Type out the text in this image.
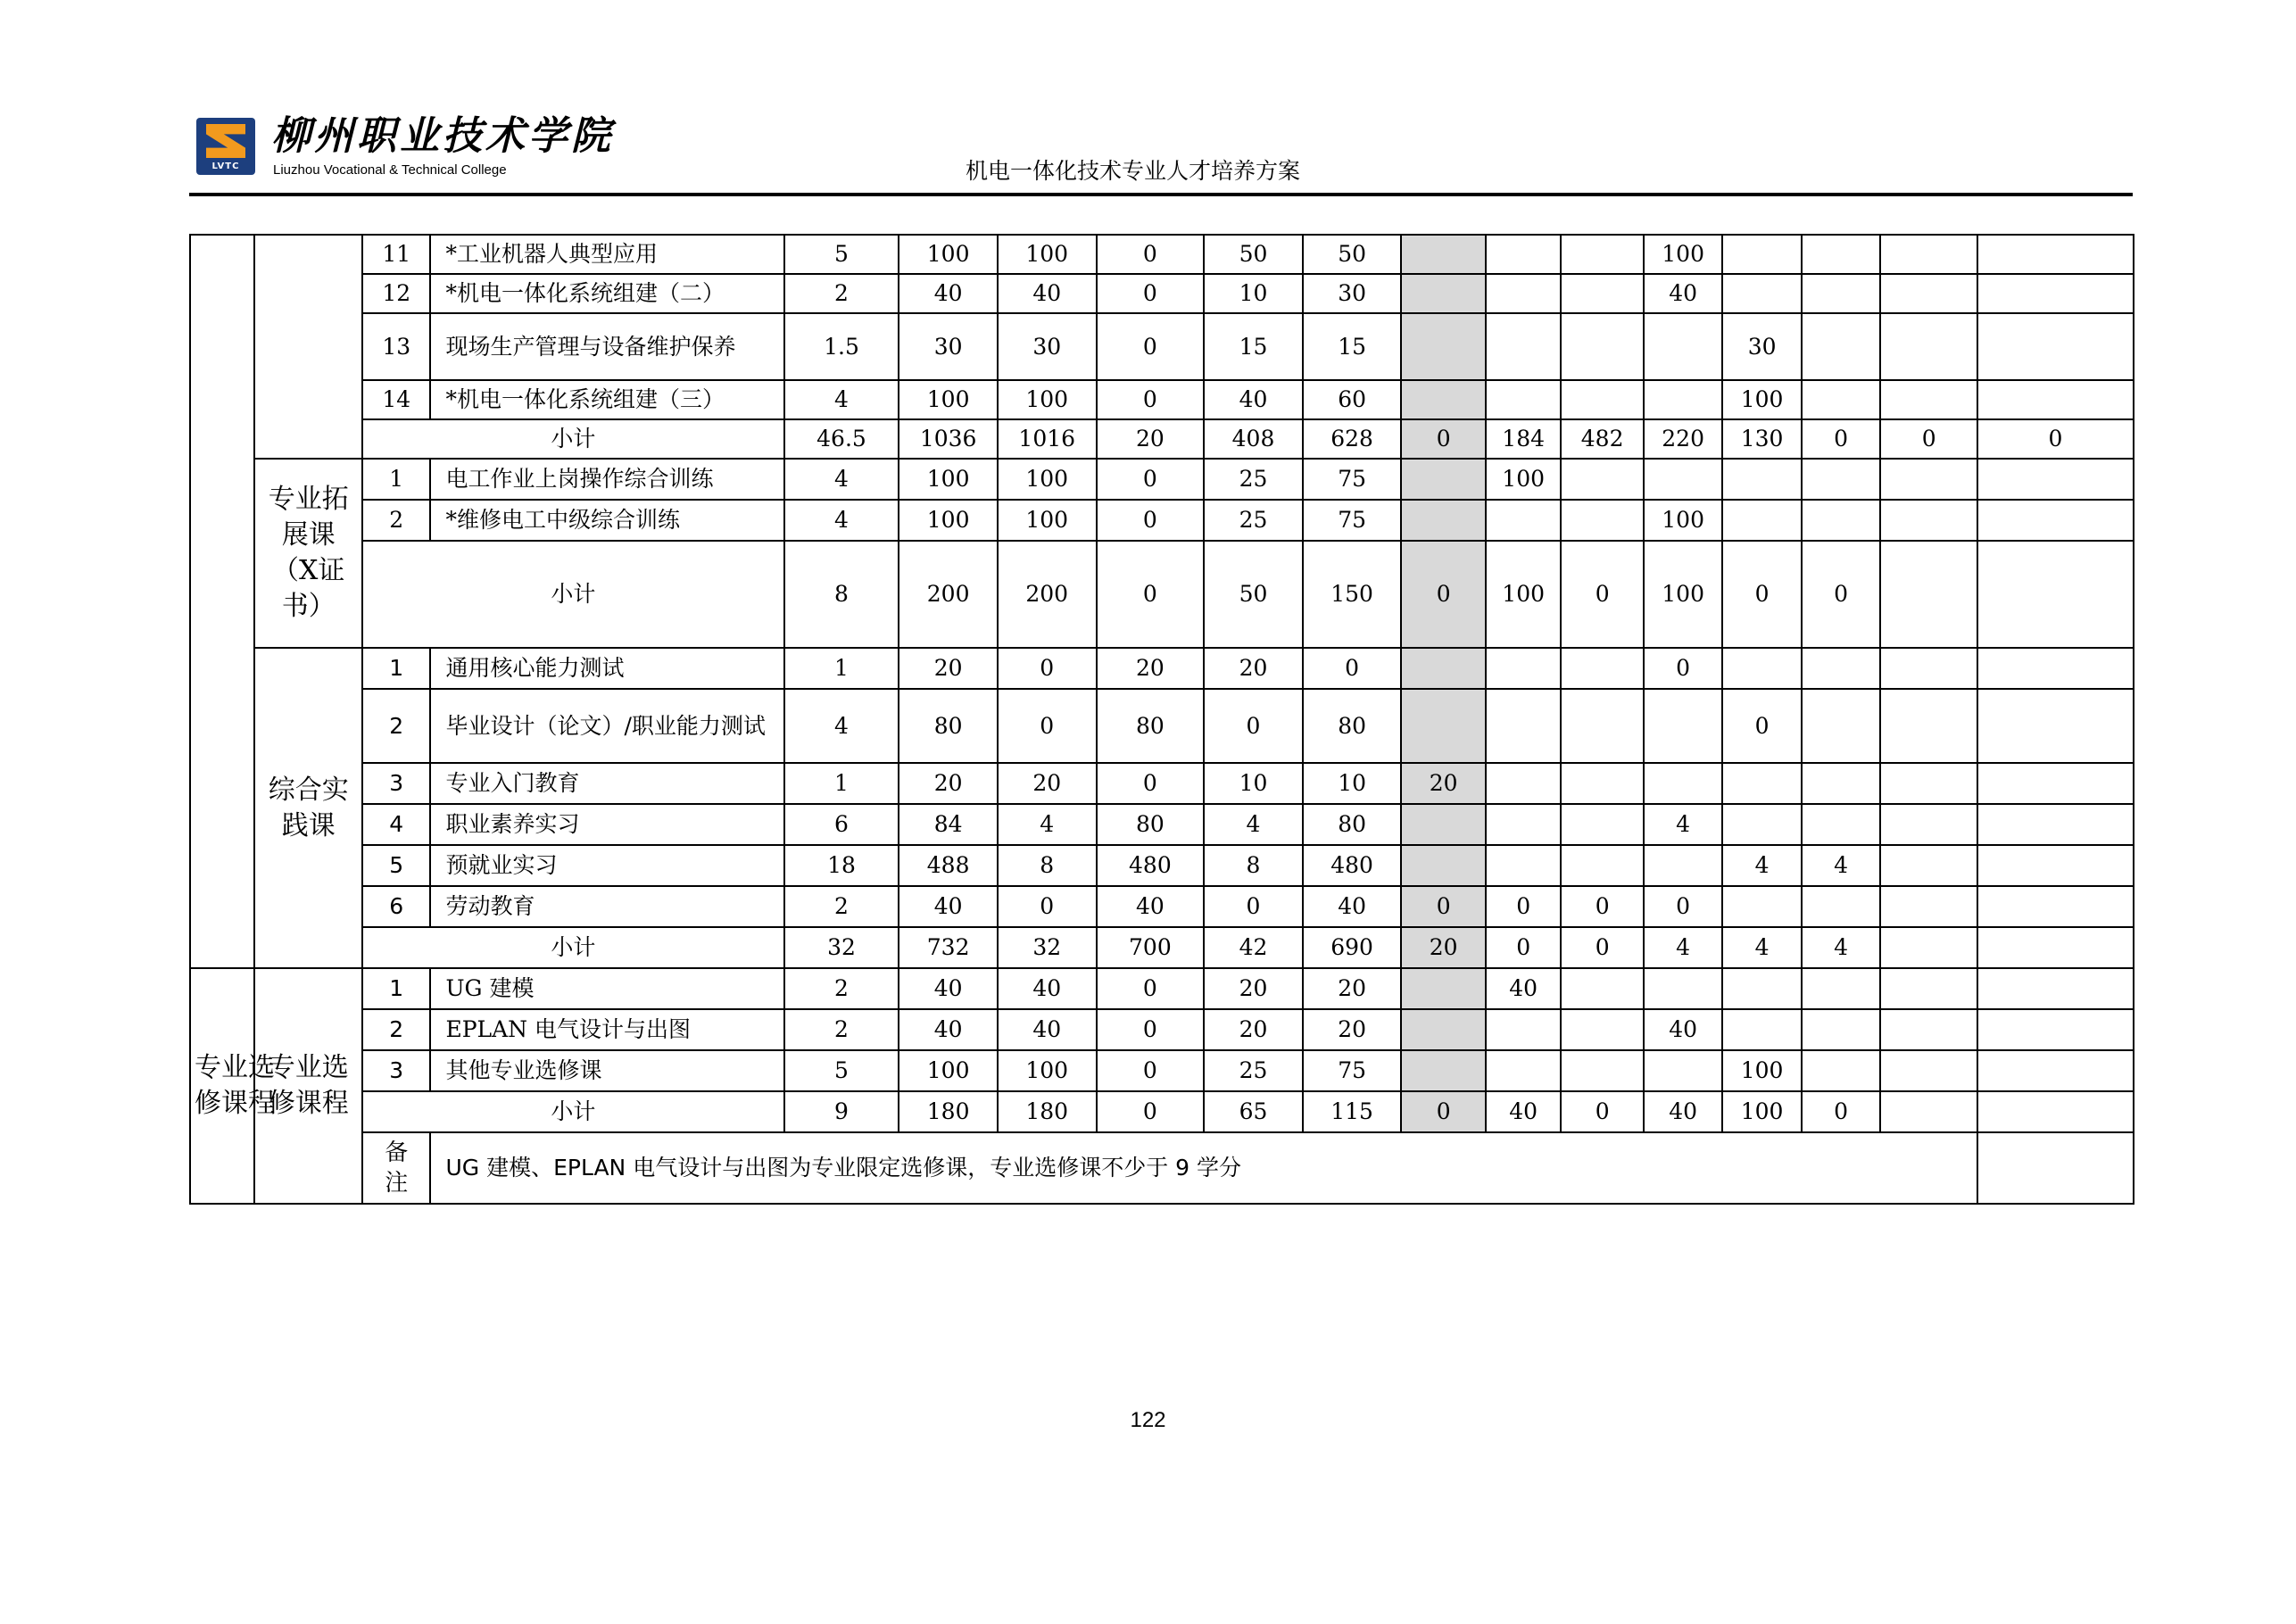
LVTC
柳州职业技术学院
Liuzhou Vocational & Technical College	机电一体化技术专业人才培养方案
		11	*工业机器人典型应用	5	100	100	0	50	50				100				
		12	*机电一体化系统组建（二）	2	40	40	0	10	30				40				
		13	现场生产管理与设备维护保养	1.5	30	30	0	15	15					30			
		14	*机电一体化系统组建（三）	4	100	100	0	40	60					100			
		小计		46.5	1036	1016	20	408	628	0	184	482	220	130	0	0	0

	专业拓展课（X证书）	1	电工作业上岗操作综合训练	4	100	100	0	25	75		100						
		2	*维修电工中级综合训练	4	100	100	0	25	75				100				
		小计		8	200	200	0	50	150	0	100	0	100	0	0		

	综合实践课	1	通用核心能力测试	1	20	0	20	20	0				0				
		2	毕业设计（论文）/职业能力测试	4	80	0	80	0	80					0			
		3	专业入门教育	1	20	20	0	10	10	20							
		4	职业素养实习	6	84	4	80	4	80				4				
		5	预就业实习	18	488	8	480	8	480					4	4		
		6	劳动教育	2	40	0	40	0	40	0	0	0	0				
		小计		32	732	32	700	42	690	20	0	0	4	4	4		

专业选修课程	专业选修课程	1	UG 建模	2	40	40	0	20	20		40						
		2	EPLAN 电气设计与出图	2	40	40	0	20	20				40				
		3	其他专业选修课	5	100	100	0	25	75					100			
		小计		9	180	180	0	65	115	0	40	0	40	100	0		

		备注	UG 建模、EPLAN 电气设计与出图为专业限定选修课，专业选修课不少于 9 学分														
122
